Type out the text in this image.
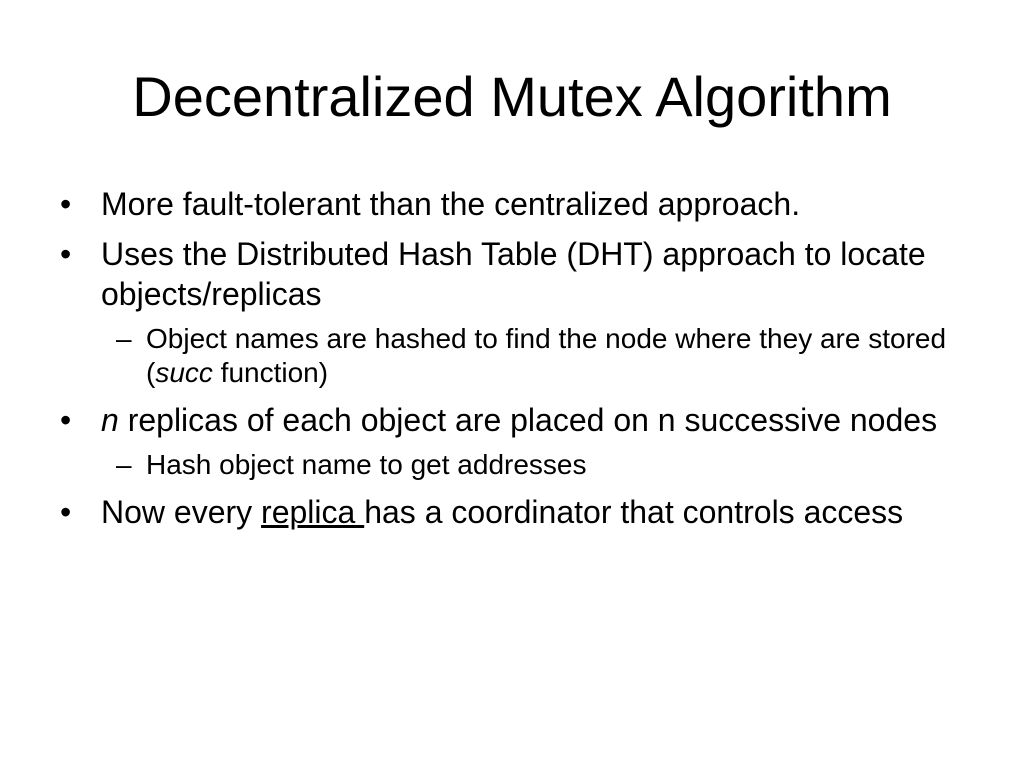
Decentralized Mutex Algorithm
• More fault-tolerant than the centralized approach.
• Uses the Distributed Hash Table (DHT) approach to locate objects/replicas
– Object names are hashed to find the node where they are stored (succ function)
• n replicas of each object are placed on n successive nodes
– Hash object name to get addresses
• Now every replica has a coordinator that controls access
